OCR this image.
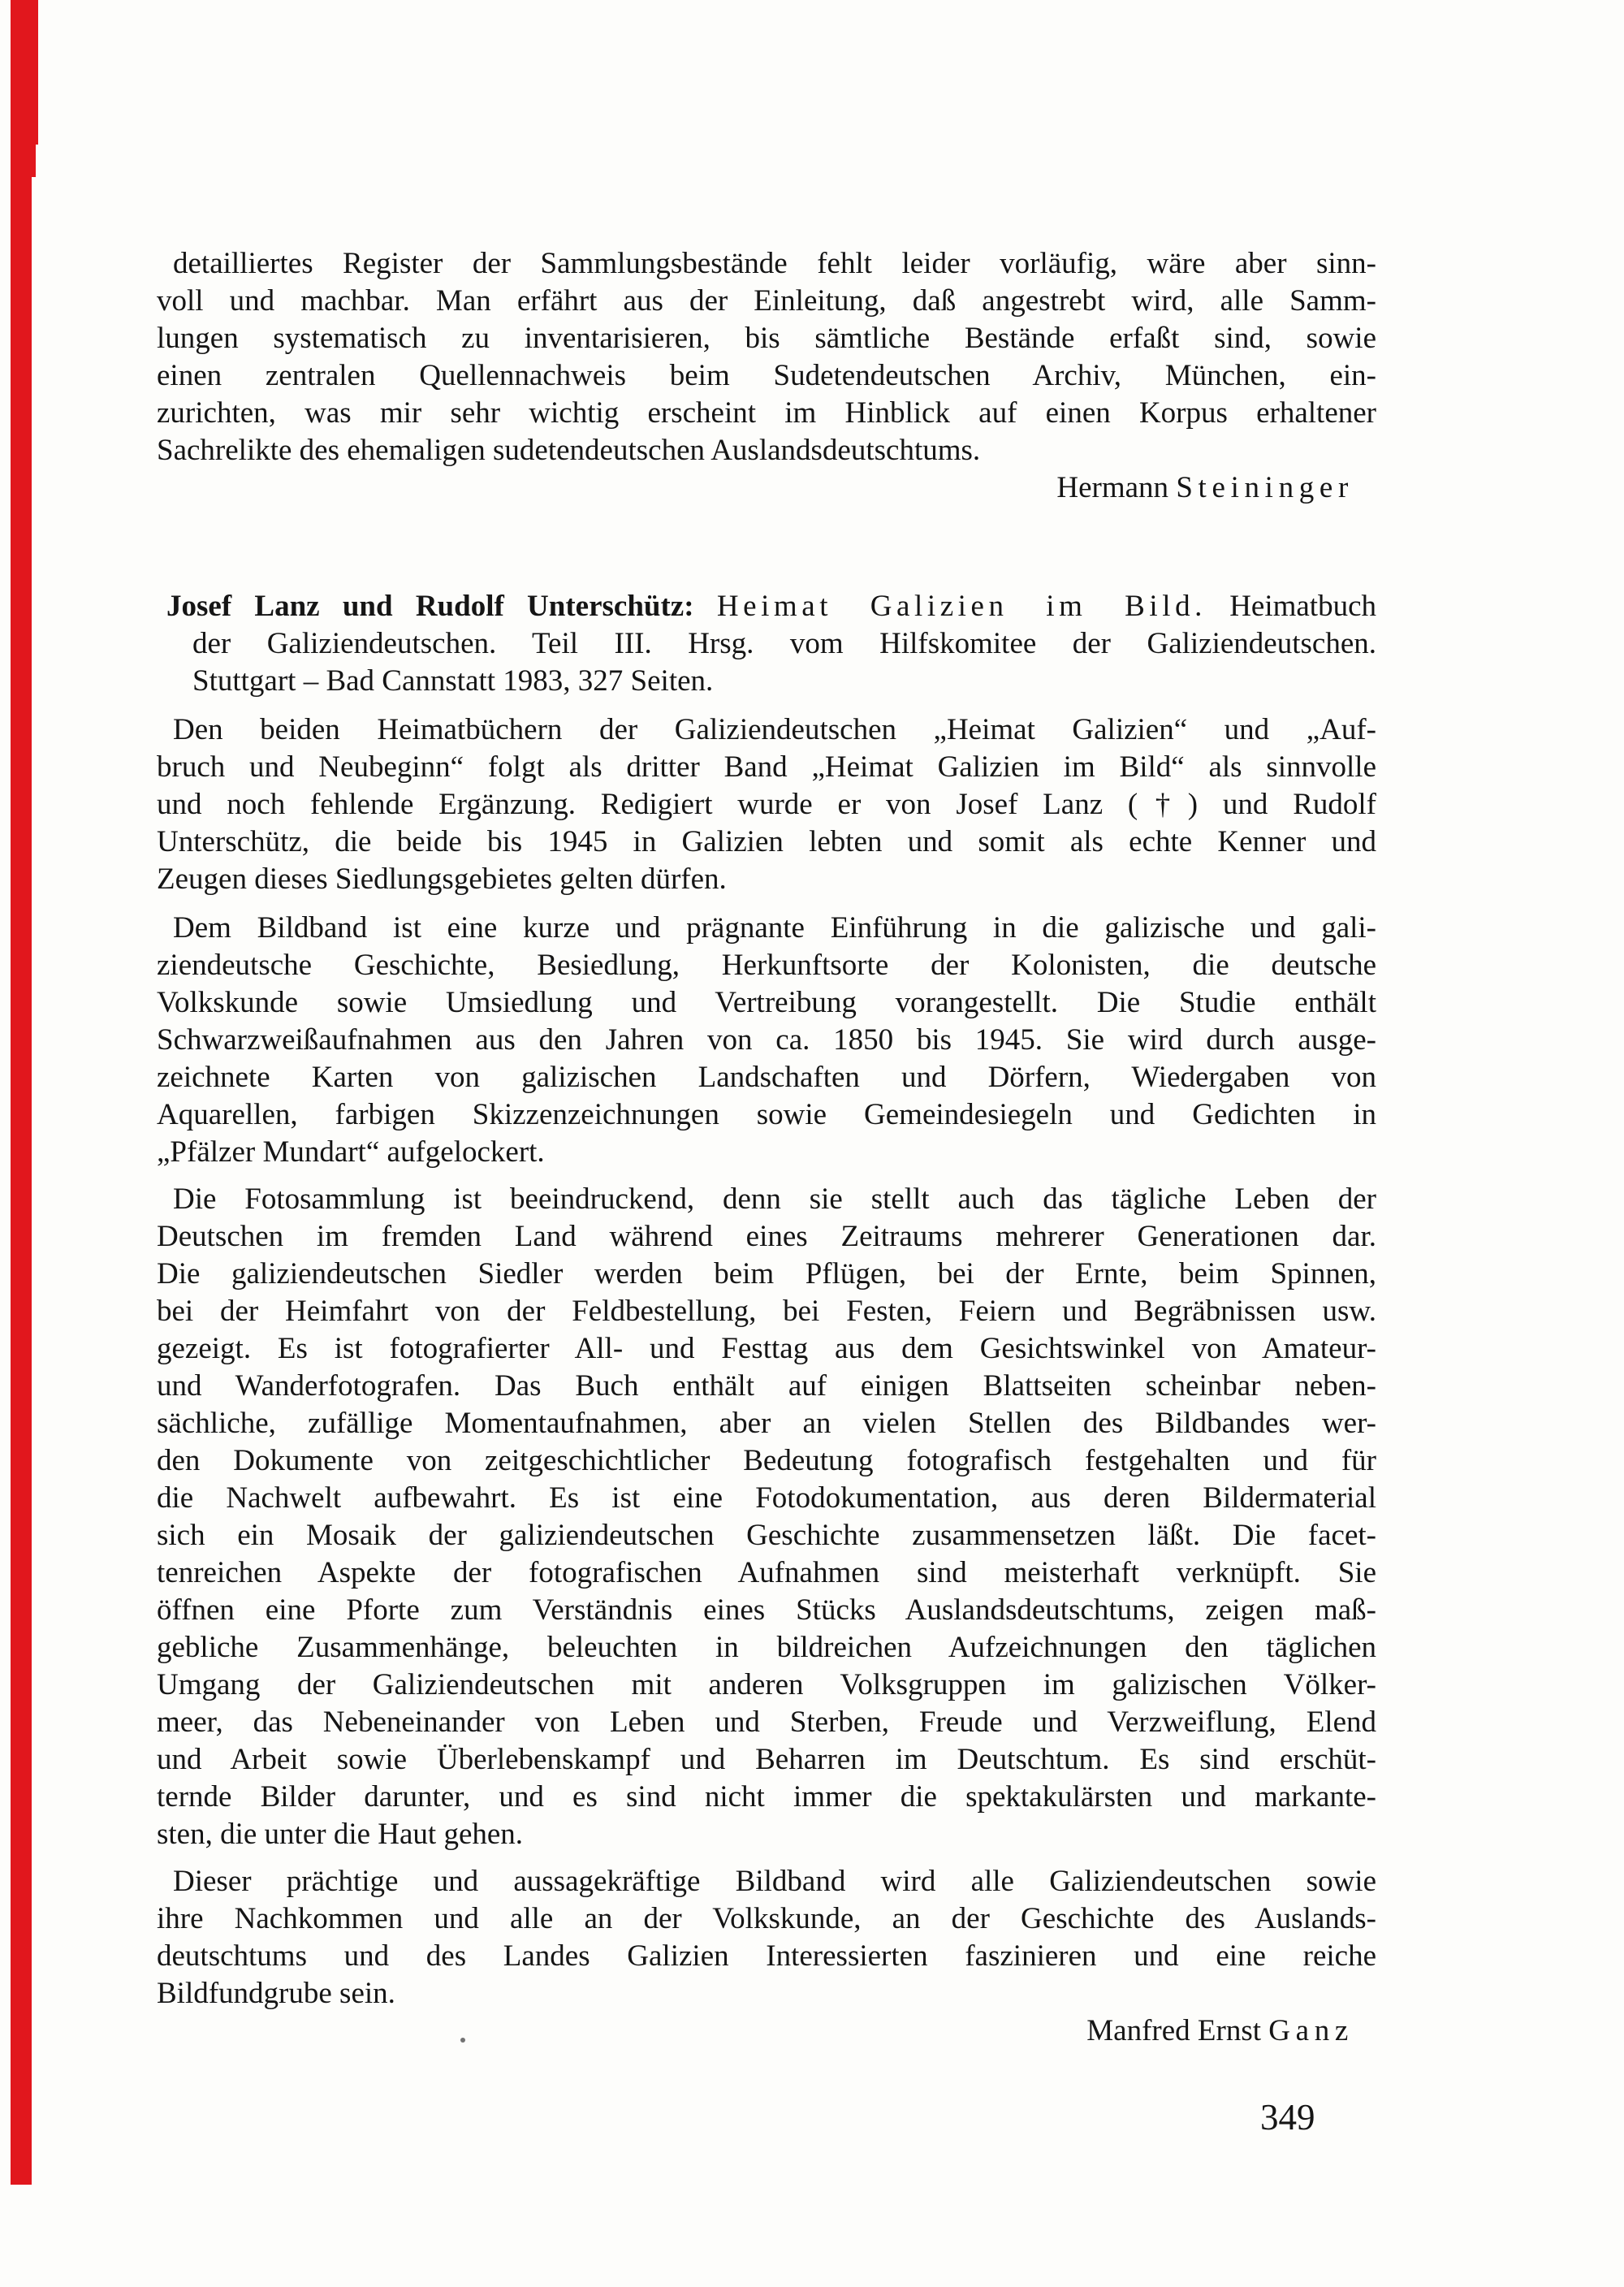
detailliertes Register der Sammlungsbestände fehlt leider vorläufig, wäre aber sinn-
voll und machbar. Man erfährt aus der Einleitung, daß angestrebt wird, alle Samm-
lungen systematisch zu inventarisieren, bis sämtliche Bestände erfaßt sind, sowie
einen zentralen Quellennachweis beim Sudetendeutschen Archiv, München, ein-
zurichten, was mir sehr wichtig erscheint im Hinblick auf einen Korpus erhaltener
Sachrelikte des ehemaligen sudetendeutschen Auslandsdeutschtums.
Hermann Steininger
Josef Lanz und Rudolf Unterschütz: Heimat Galizien im Bild. Heimatbuch
der Galiziendeutschen. Teil III. Hrsg. vom Hilfskomitee der Galiziendeutschen.
Stuttgart – Bad Cannstatt 1983, 327 Seiten.
Den beiden Heimatbüchern der Galiziendeutschen „Heimat Galizien“ und „Auf-
bruch und Neubeginn“ folgt als dritter Band „Heimat Galizien im Bild“ als sinnvolle
und noch fehlende Ergänzung. Redigiert wurde er von Josef Lanz (†) und Rudolf
Unterschütz, die beide bis 1945 in Galizien lebten und somit als echte Kenner und
Zeugen dieses Siedlungsgebietes gelten dürfen.
Dem Bildband ist eine kurze und prägnante Einführung in die galizische und gali-
ziendeutsche Geschichte, Besiedlung, Herkunftsorte der Kolonisten, die deutsche
Volkskunde sowie Umsiedlung und Vertreibung vorangestellt. Die Studie enthält
Schwarzweißaufnahmen aus den Jahren von ca. 1850 bis 1945. Sie wird durch ausge-
zeichnete Karten von galizischen Landschaften und Dörfern, Wiedergaben von
Aquarellen, farbigen Skizzenzeichnungen sowie Gemeindesiegeln und Gedichten in
„Pfälzer Mundart“ aufgelockert.
Die Fotosammlung ist beeindruckend, denn sie stellt auch das tägliche Leben der
Deutschen im fremden Land während eines Zeitraums mehrerer Generationen dar.
Die galiziendeutschen Siedler werden beim Pflügen, bei der Ernte, beim Spinnen,
bei der Heimfahrt von der Feldbestellung, bei Festen, Feiern und Begräbnissen usw.
gezeigt. Es ist fotografierter All- und Festtag aus dem Gesichtswinkel von Amateur-
und Wanderfotografen. Das Buch enthält auf einigen Blattseiten scheinbar neben-
sächliche, zufällige Momentaufnahmen, aber an vielen Stellen des Bildbandes wer-
den Dokumente von zeitgeschichtlicher Bedeutung fotografisch festgehalten und für
die Nachwelt aufbewahrt. Es ist eine Fotodokumentation, aus deren Bildermaterial
sich ein Mosaik der galiziendeutschen Geschichte zusammensetzen läßt. Die facet-
tenreichen Aspekte der fotografischen Aufnahmen sind meisterhaft verknüpft. Sie
öffnen eine Pforte zum Verständnis eines Stücks Auslandsdeutschtums, zeigen maß-
gebliche Zusammenhänge, beleuchten in bildreichen Aufzeichnungen den täglichen
Umgang der Galiziendeutschen mit anderen Volksgruppen im galizischen Völker-
meer, das Nebeneinander von Leben und Sterben, Freude und Verzweiflung, Elend
und Arbeit sowie Überlebenskampf und Beharren im Deutschtum. Es sind erschüt-
ternde Bilder darunter, und es sind nicht immer die spektakulärsten und markante-
sten, die unter die Haut gehen.
Dieser prächtige und aussagekräftige Bildband wird alle Galiziendeutschen sowie
ihre Nachkommen und alle an der Volkskunde, an der Geschichte des Auslands-
deutschtums und des Landes Galizien Interessierten faszinieren und eine reiche
Bildfundgrube sein.
Manfred Ernst Ganz
349
